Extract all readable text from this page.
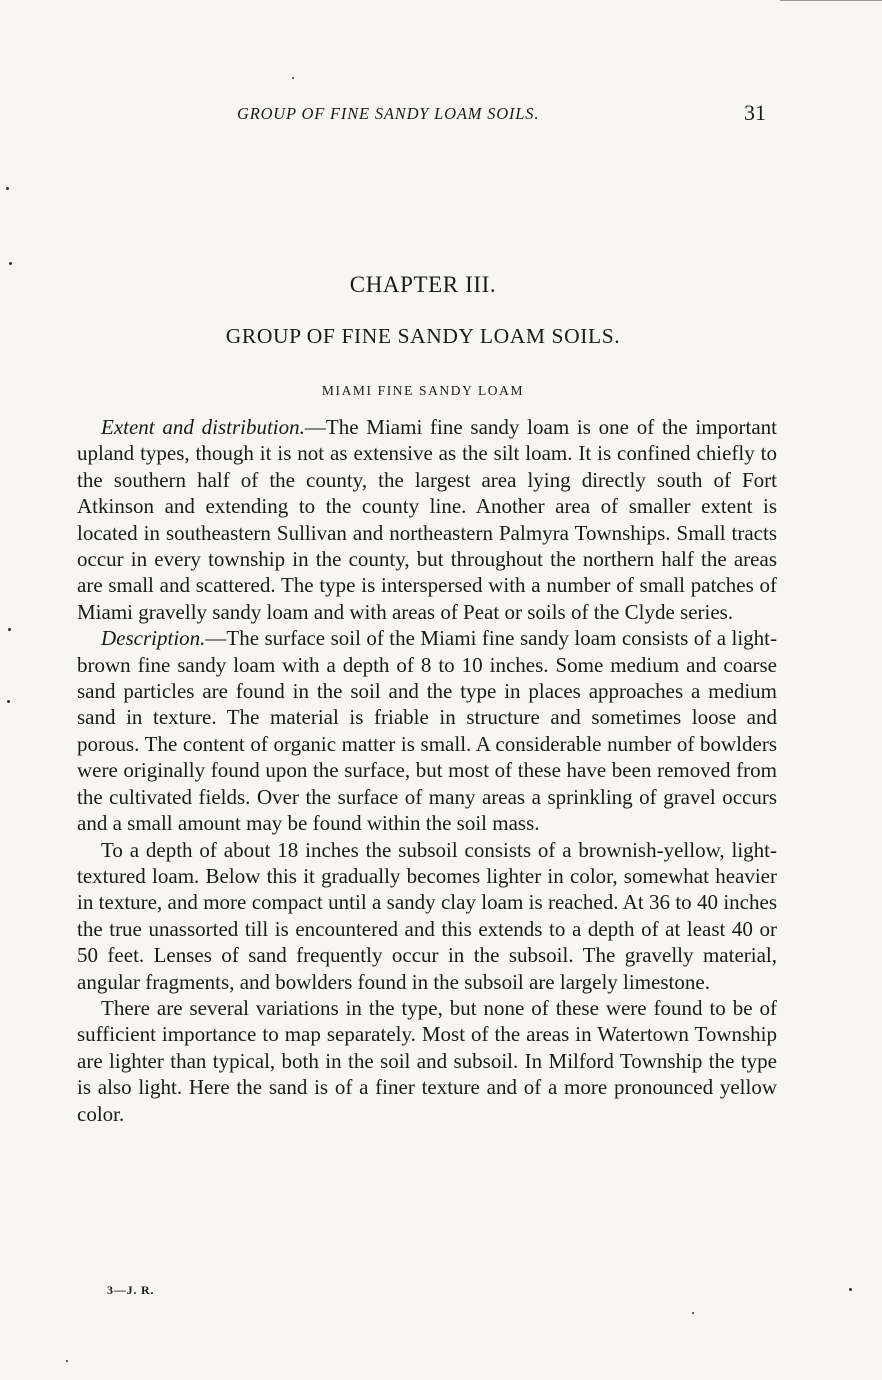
GROUP OF FINE SANDY LOAM SOILS.	31
CHAPTER III.
GROUP OF FINE SANDY LOAM SOILS.
MIAMI FINE SANDY LOAM

Extent and distribution.—The Miami fine sandy loam is one of the important upland types, though it is not as extensive as the silt loam. It is confined chiefly to the southern half of the county, the largest area lying directly south of Fort Atkinson and extending to the county line. Another area of smaller extent is located in southeastern Sullivan and northeastern Palmyra Townships. Small tracts occur in every township in the county, but throughout the northern half the areas are small and scattered. The type is interspersed with a number of small patches of Miami gravelly sandy loam and with areas of Peat or soils of the Clyde series.

Description.—The surface soil of the Miami fine sandy loam consists of a light-brown fine sandy loam with a depth of 8 to 10 inches. Some medium and coarse sand particles are found in the soil and the type in places approaches a medium sand in texture. The material is friable in structure and sometimes loose and porous. The content of organic matter is small. A considerable number of bowlders were originally found upon the surface, but most of these have been removed from the cultivated fields. Over the surface of many areas a sprinkling of gravel occurs and a small amount may be found within the soil mass.

To a depth of about 18 inches the subsoil consists of a brownish-yellow, light-textured loam. Below this it gradually becomes lighter in color, somewhat heavier in texture, and more compact until a sandy clay loam is reached. At 36 to 40 inches the true unassorted till is encountered and this extends to a depth of at least 40 or 50 feet. Lenses of sand frequently occur in the subsoil. The gravelly material, angular fragments, and bowlders found in the subsoil are largely limestone.

There are several variations in the type, but none of these were found to be of sufficient importance to map separately. Most of the areas in Watertown Township are lighter than typical, both in the soil and subsoil. In Milford Township the type is also light. Here the sand is of a finer texture and of a more pronounced yellow color.

3—J. R.
